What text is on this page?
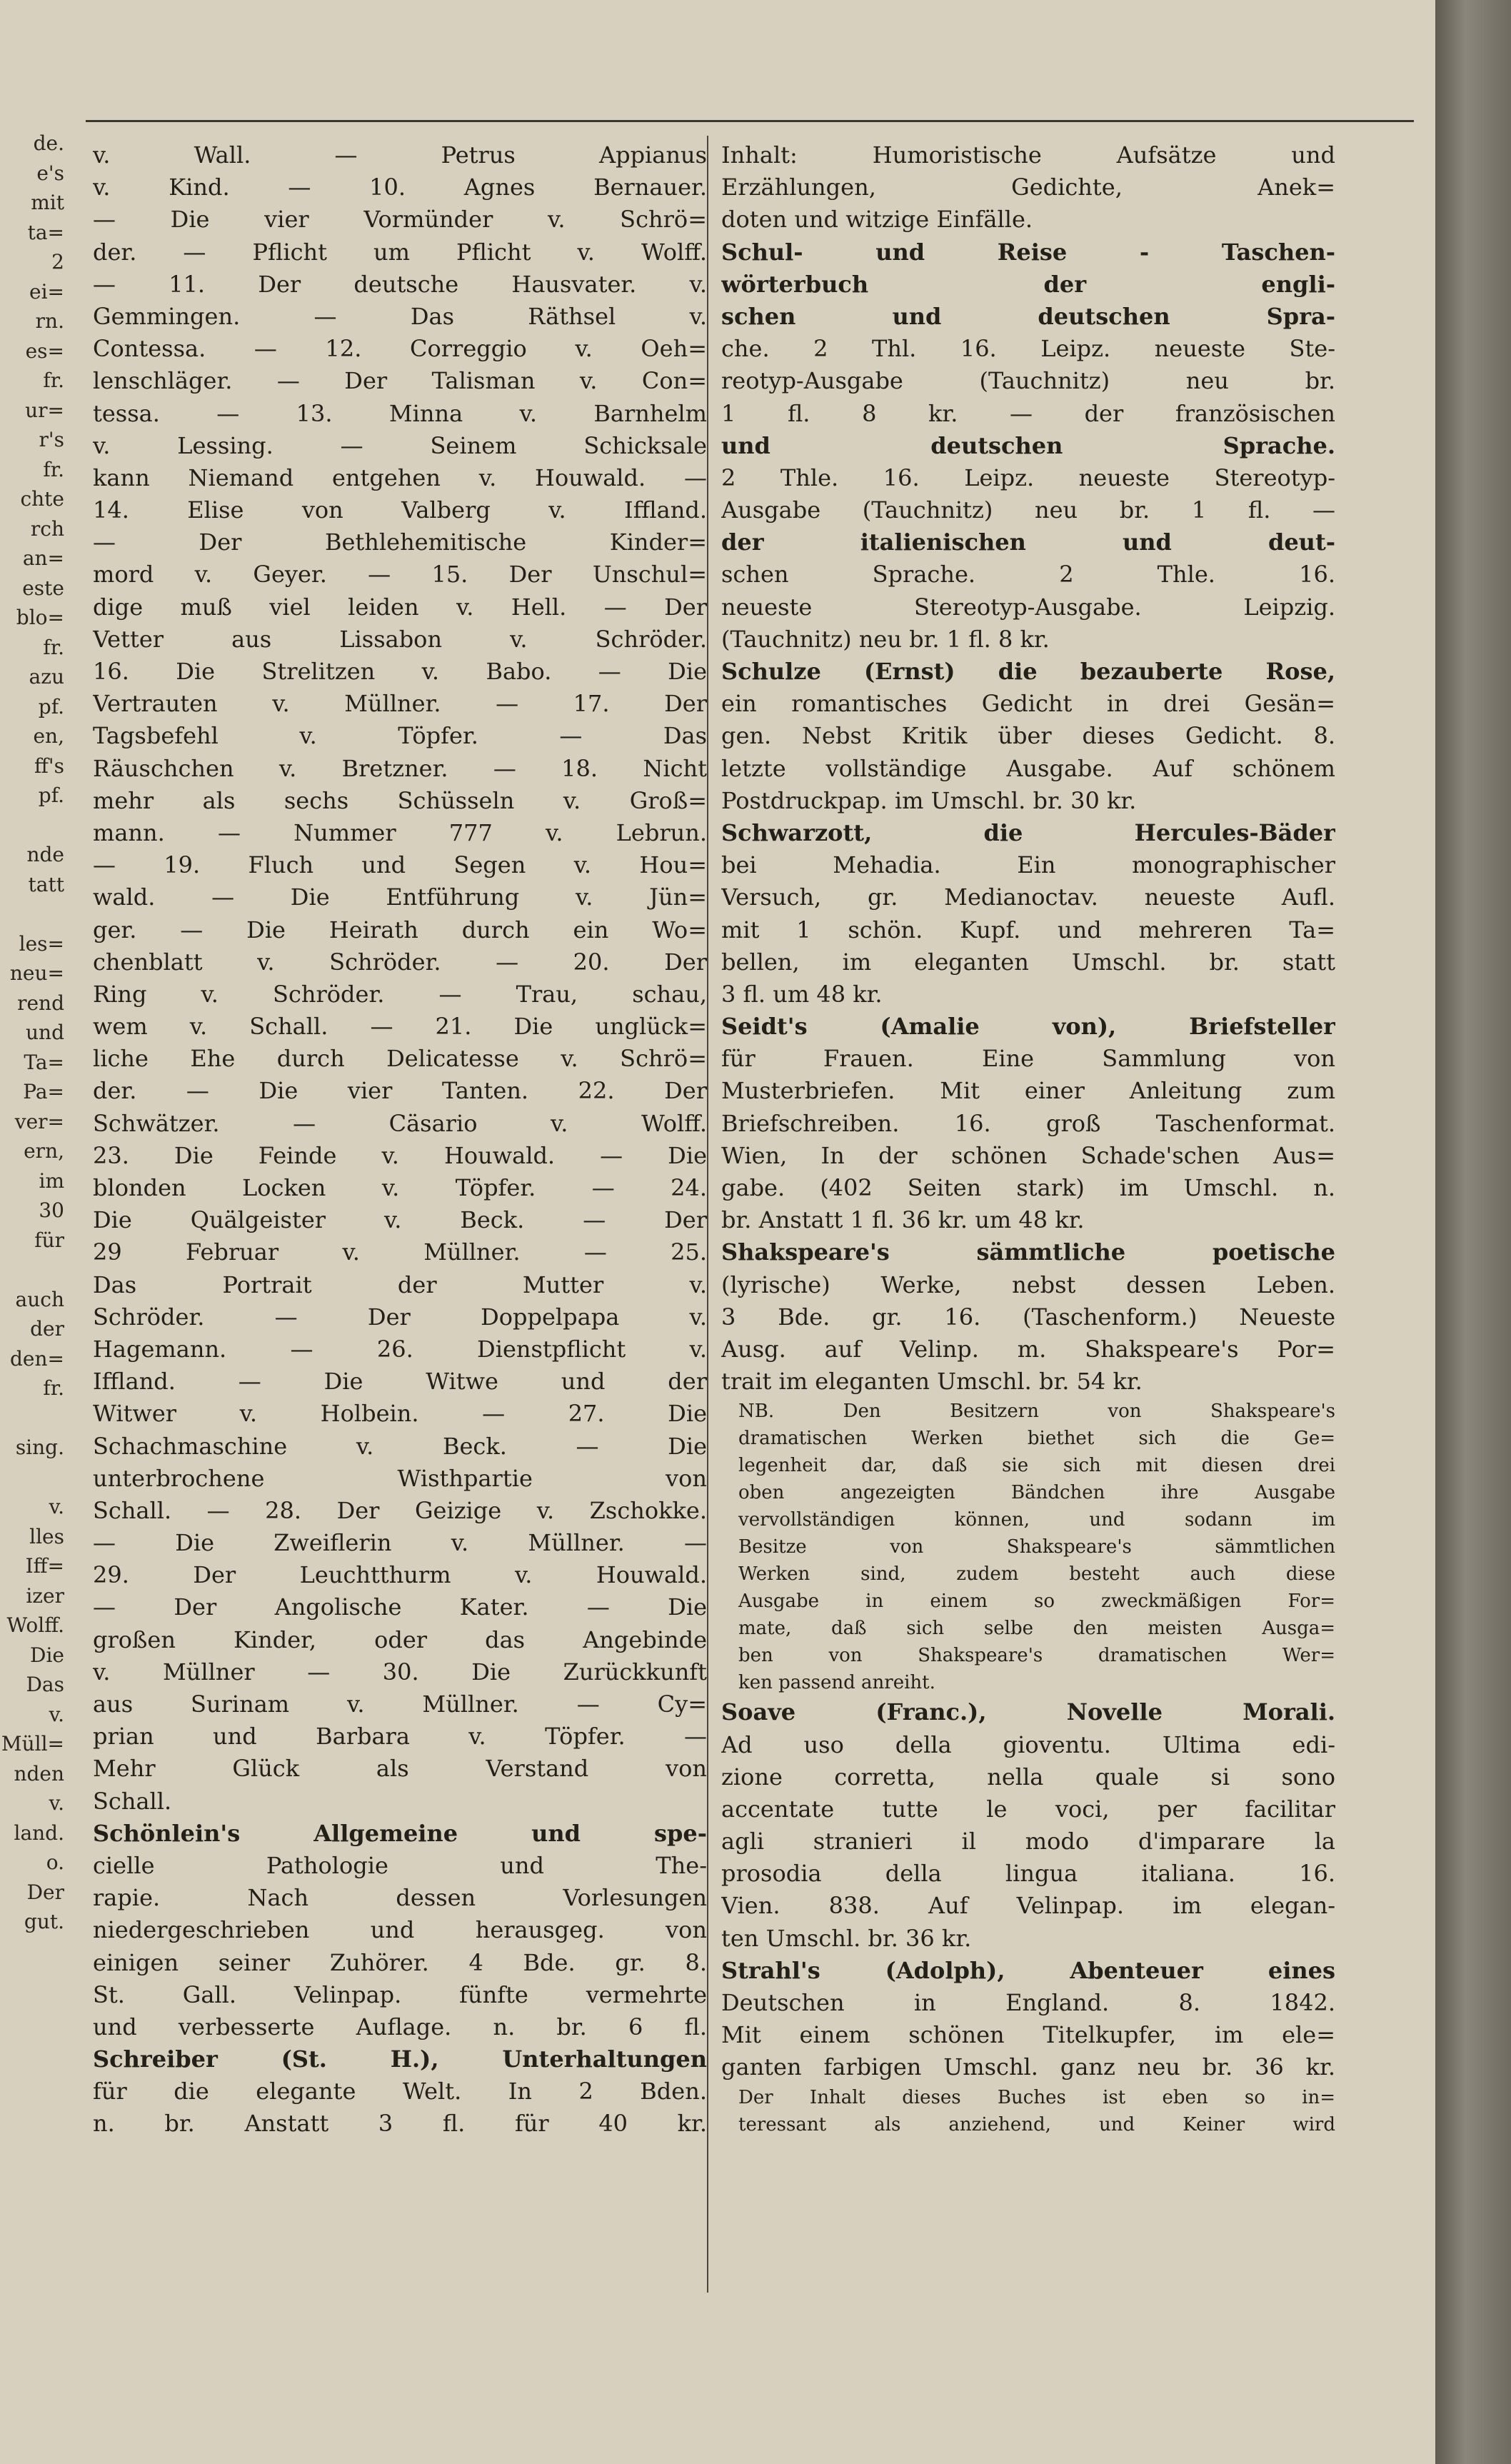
de.
e's
mit
ta=
2
ei=
rn.
es=
fr.
ur=
r's
fr.
chte
rch
an=
este
blo=
fr.
azu
pf.
en,
ff's
pf.
nde
tatt
les=
neu=
rend
und
Ta=
Pa=
ver=
ern,
im
30
für
auch
der
den=
fr.
sing.
v.
lles
Iff=
izer
Wolff.
Die
Das
v.
Müll=
nden
v.
land.
o.
Der
gut.
v. Wall. — Petrus Appianus
v. Kind. — 10. Agnes Bernauer.
— Die vier Vormünder v. Schrö=
der. — Pflicht um Pflicht v. Wolff.
— 11. Der deutsche Hausvater. v.
Gemmingen. — Das Räthsel v.
Contessa. — 12. Correggio v. Oeh=
lenschläger. — Der Talisman v. Con=
tessa. — 13. Minna v. Barnhelm
v. Lessing. — Seinem Schicksale
kann Niemand entgehen v. Houwald. —
14. Elise von Valberg v. Iffland.
— Der Bethlehemitische Kinder=
mord v. Geyer. — 15. Der Unschul=
dige muß viel leiden v. Hell. — Der
Vetter aus Lissabon v. Schröder.
16. Die Strelitzen v. Babo. — Die
Vertrauten v. Müllner. — 17. Der
Tagsbefehl v. Töpfer. — Das
Räuschchen v. Bretzner. — 18. Nicht
mehr als sechs Schüsseln v. Groß=
mann. — Nummer 777 v. Lebrun.
— 19. Fluch und Segen v. Hou=
wald. — Die Entführung v. Jün=
ger. — Die Heirath durch ein Wo=
chenblatt v. Schröder. — 20. Der
Ring v. Schröder. — Trau, schau,
wem v. Schall. — 21. Die unglück=
liche Ehe durch Delicatesse v. Schrö=
der. — Die vier Tanten. 22. Der
Schwätzer. — Cäsario v. Wolff.
23. Die Feinde v. Houwald. — Die
blonden Locken v. Töpfer. — 24.
Die Quälgeister v. Beck. — Der
29 Februar v. Müllner. — 25.
Das Portrait der Mutter v.
Schröder. — Der Doppelpapa v.
Hagemann. — 26. Dienstpflicht v.
Iffland. — Die Witwe und der
Witwer v. Holbein. — 27. Die
Schachmaschine v. Beck. — Die
unterbrochene Wisthpartie von
Schall. — 28. Der Geizige v. Zschokke.
— Die Zweiflerin v. Müllner. —
29. Der Leuchtthurm v. Houwald.
— Der Angolische Kater. — Die
großen Kinder, oder das Angebinde
v. Müllner — 30. Die Zurückkunft
aus Surinam v. Müllner. — Cy=
prian und Barbara v. Töpfer. —
Mehr Glück als Verstand von
Schall.
Schönlein's Allgemeine und spe-
cielle Pathologie und The-
rapie. Nach dessen Vorlesungen
niedergeschrieben und herausgeg. von
einigen seiner Zuhörer. 4 Bde. gr. 8.
St. Gall. Velinpap. fünfte vermehrte
und verbesserte Auflage. n. br. 6 fl.
Schreiber (St. H.), Unterhaltungen
für die elegante Welt. In 2 Bden.
n. br. Anstatt 3 fl. für 40 kr.
Inhalt: Humoristische Aufsätze und
Erzählungen, Gedichte, Anek=
doten und witzige Einfälle.
Schul- und Reise - Taschen-
wörterbuch der engli-
schen und deutschen Spra-
che. 2 Thl. 16. Leipz. neueste Ste-
reotyp-Ausgabe (Tauchnitz) neu br.
1 fl. 8 kr. — der französischen
und deutschen Sprache.
2 Thle. 16. Leipz. neueste Stereotyp-
Ausgabe (Tauchnitz) neu br. 1 fl. —
der italienischen und deut-
schen Sprache. 2 Thle. 16.
neueste Stereotyp-Ausgabe. Leipzig.
(Tauchnitz) neu br. 1 fl. 8 kr.
Schulze (Ernst) die bezauberte Rose,
ein romantisches Gedicht in drei Gesän=
gen. Nebst Kritik über dieses Gedicht. 8.
letzte vollständige Ausgabe. Auf schönem
Postdruckpap. im Umschl. br. 30 kr.
Schwarzott, die Hercules-Bäder
bei Mehadia. Ein monographischer
Versuch, gr. Medianoctav. neueste Aufl.
mit 1 schön. Kupf. und mehreren Ta=
bellen, im eleganten Umschl. br. statt
3 fl. um 48 kr.
Seidt's (Amalie von), Briefsteller
für Frauen. Eine Sammlung von
Musterbriefen. Mit einer Anleitung zum
Briefschreiben. 16. groß Taschenformat.
Wien, In der schönen Schade'schen Aus=
gabe. (402 Seiten stark) im Umschl. n.
br. Anstatt 1 fl. 36 kr. um 48 kr.
Shakspeare's sämmtliche poetische
(lyrische) Werke, nebst dessen Leben.
3 Bde. gr. 16. (Taschenform.) Neueste
Ausg. auf Velinp. m. Shakspeare's Por=
trait im eleganten Umschl. br. 54 kr.
NB. Den Besitzern von Shakspeare's
dramatischen Werken biethet sich die Ge=
legenheit dar, daß sie sich mit diesen drei
oben angezeigten Bändchen ihre Ausgabe
vervollständigen können, und sodann im
Besitze von Shakspeare's sämmtlichen
Werken sind, zudem besteht auch diese
Ausgabe in einem so zweckmäßigen For=
mate, daß sich selbe den meisten Ausga=
ben von Shakspeare's dramatischen Wer=
ken passend anreiht.
Soave (Franc.), Novelle Morali.
Ad uso della gioventu. Ultima edi-
zione corretta, nella quale si sono
accentate tutte le voci, per facilitar
agli stranieri il modo d'imparare la
prosodia della lingua italiana. 16.
Vien. 838. Auf Velinpap. im elegan-
ten Umschl. br. 36 kr.
Strahl's (Adolph), Abenteuer eines
Deutschen in England. 8. 1842.
Mit einem schönen Titelkupfer, im ele=
ganten farbigen Umschl. ganz neu br. 36 kr.
Der Inhalt dieses Buches ist eben so in=
teressant als anziehend, und Keiner wird
